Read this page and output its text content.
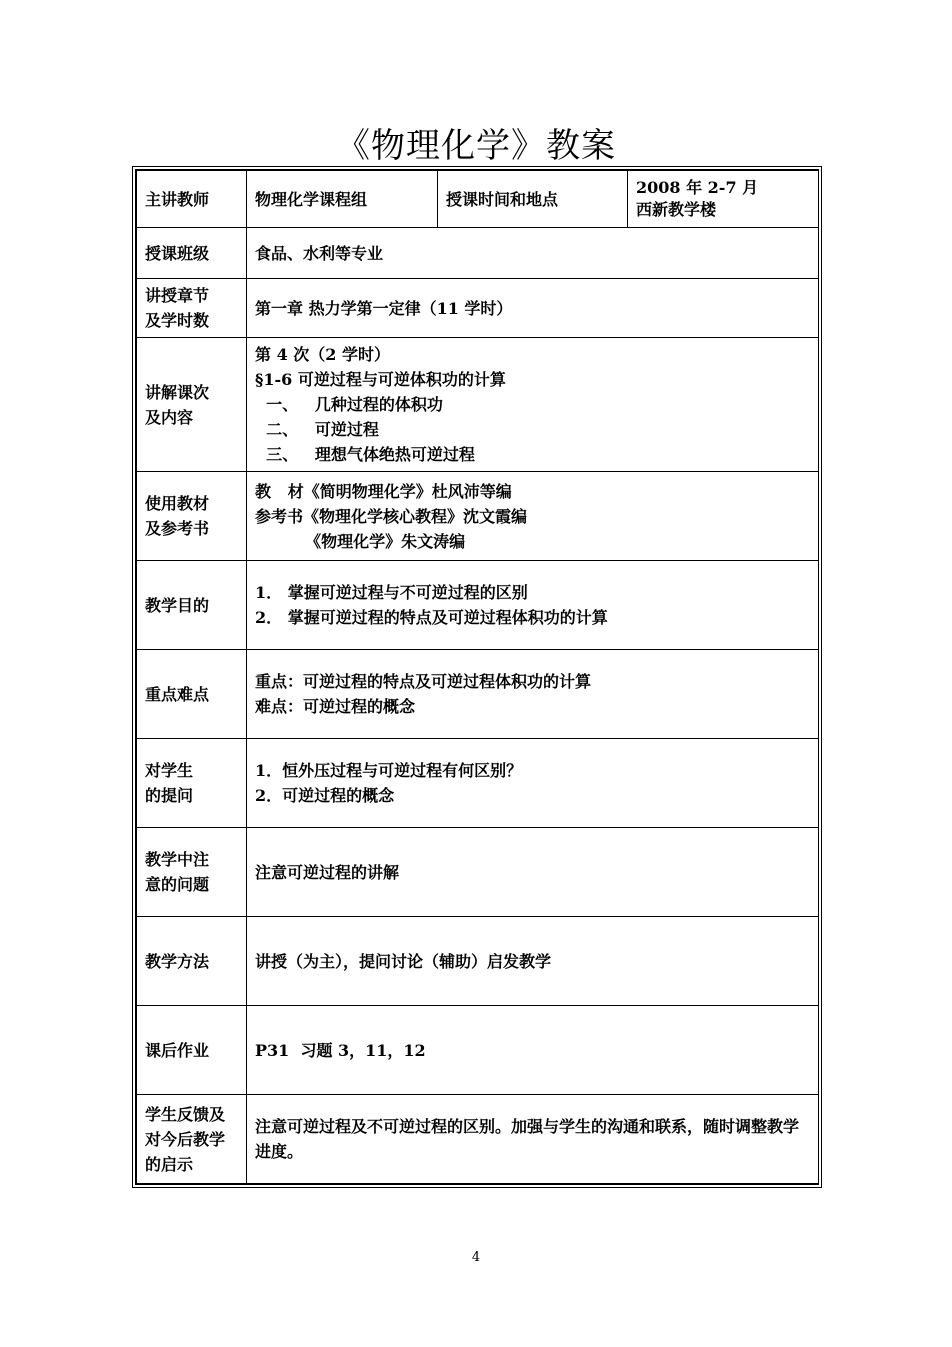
《物理化学》教案
主讲教师	物理化学课程组	授课时间和地点	2008 年 2-7 月
西新教学楼

授课班级	食品、水利等专业		

讲授章节
及学时数	第一章 热力学第一定律（11 学时）		

讲解课次
及内容	第 4 次（2 学时）
§1-6 可逆过程与可逆体积功的计算
一、   几种过程的体积功
二、   可逆过程
三、   理想气体绝热可逆过程		

使用教材
及参考书	教   材《简明物理化学》杜风沛等编
参考书《物理化学核心教程》沈文霞编
《物理化学》朱文涛编		

教学目的	1． 掌握可逆过程与不可逆过程的区别
2． 掌握可逆过程的特点及可逆过程体积功的计算		

重点难点	重点：可逆过程的特点及可逆过程体积功的计算
难点：可逆过程的概念		

对学生
的提问	1．恒外压过程与可逆过程有何区别？
2．可逆过程的概念		

教学中注
意的问题	注意可逆过程的讲解		

教学方法	讲授（为主），提问讨论（辅助）启发教学		

课后作业	P31  习题 3，11，12		

学生反馈及
对今后教学
的启示	注意可逆过程及不可逆过程的区别。加强与学生的沟通和联系，随时调整教学进度。		
4
